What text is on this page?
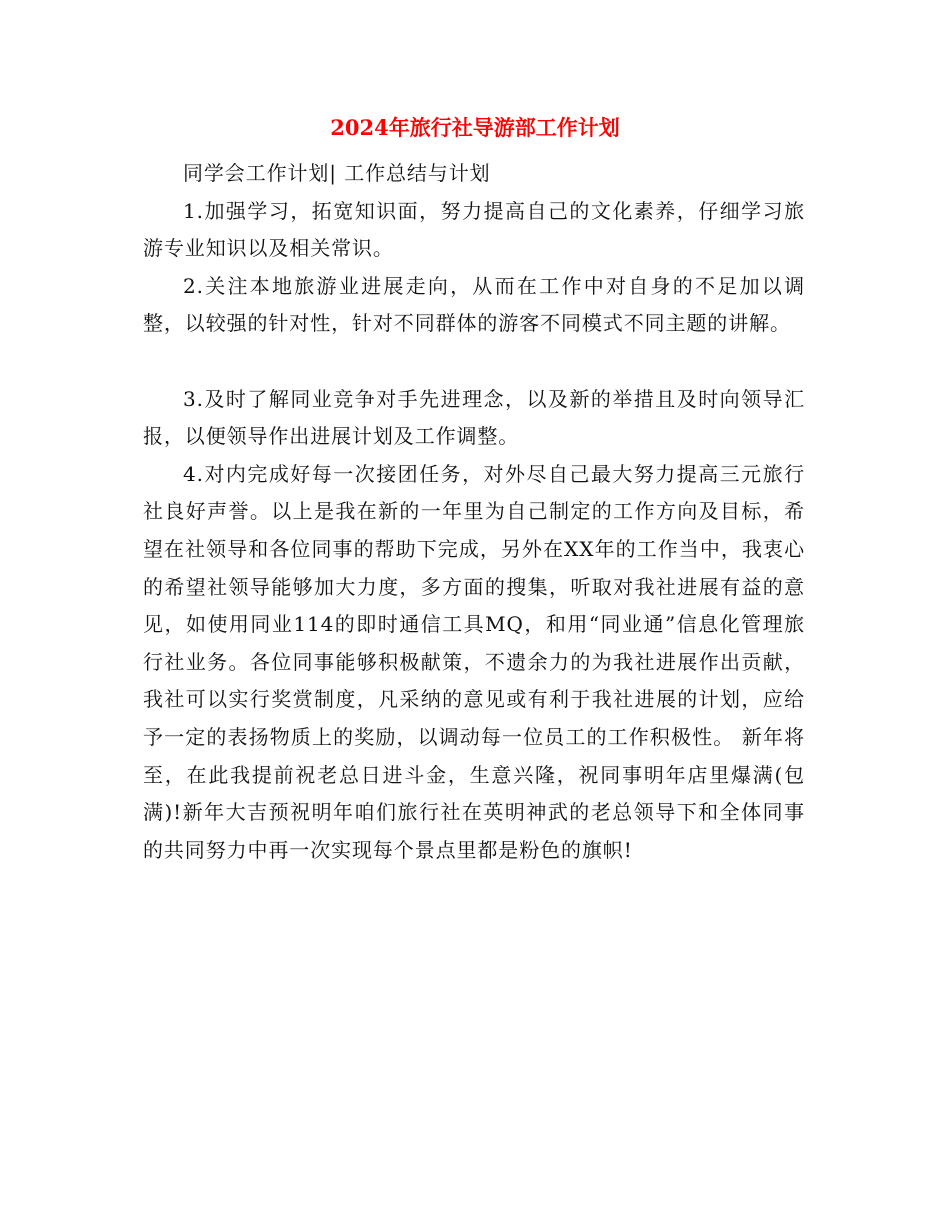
2024年旅行社导游部工作计划

同学会工作计划| 工作总结与计划

1.加强学习，拓宽知识面，努力提高自己的文化素养，仔细学习旅游专业知识以及相关常识。

2.关注本地旅游业进展走向，从而在工作中对自身的不足加以调整，以较强的针对性，针对不同群体的游客不同模式不同主题的讲解。

3.及时了解同业竞争对手先进理念，以及新的举措且及时向领导汇报，以便领导作出进展计划及工作调整。

4.对内完成好每一次接团任务，对外尽自己最大努力提高三元旅行社良好声誉。以上是我在新的一年里为自己制定的工作方向及目标，希望在社领导和各位同事的帮助下完成，另外在XX年的工作当中，我衷心的希望社领导能够加大力度，多方面的搜集，听取对我社进展有益的意见，如使用同业114的即时通信工具MQ，和用“同业通”信息化管理旅行社业务。各位同事能够积极献策，不遗余力的为我社进展作出贡献，我社可以实行奖赏制度，凡采纳的意见或有利于我社进展的计划，应给予一定的表扬物质上的奖励，以调动每一位员工的工作积极性。 新年将至，在此我提前祝老总日进斗金，生意兴隆，祝同事明年店里爆满(包满)!新年大吉预祝明年咱们旅行社在英明神武的老总领导下和全体同事的共同努力中再一次实现每个景点里都是粉色的旗帜!
